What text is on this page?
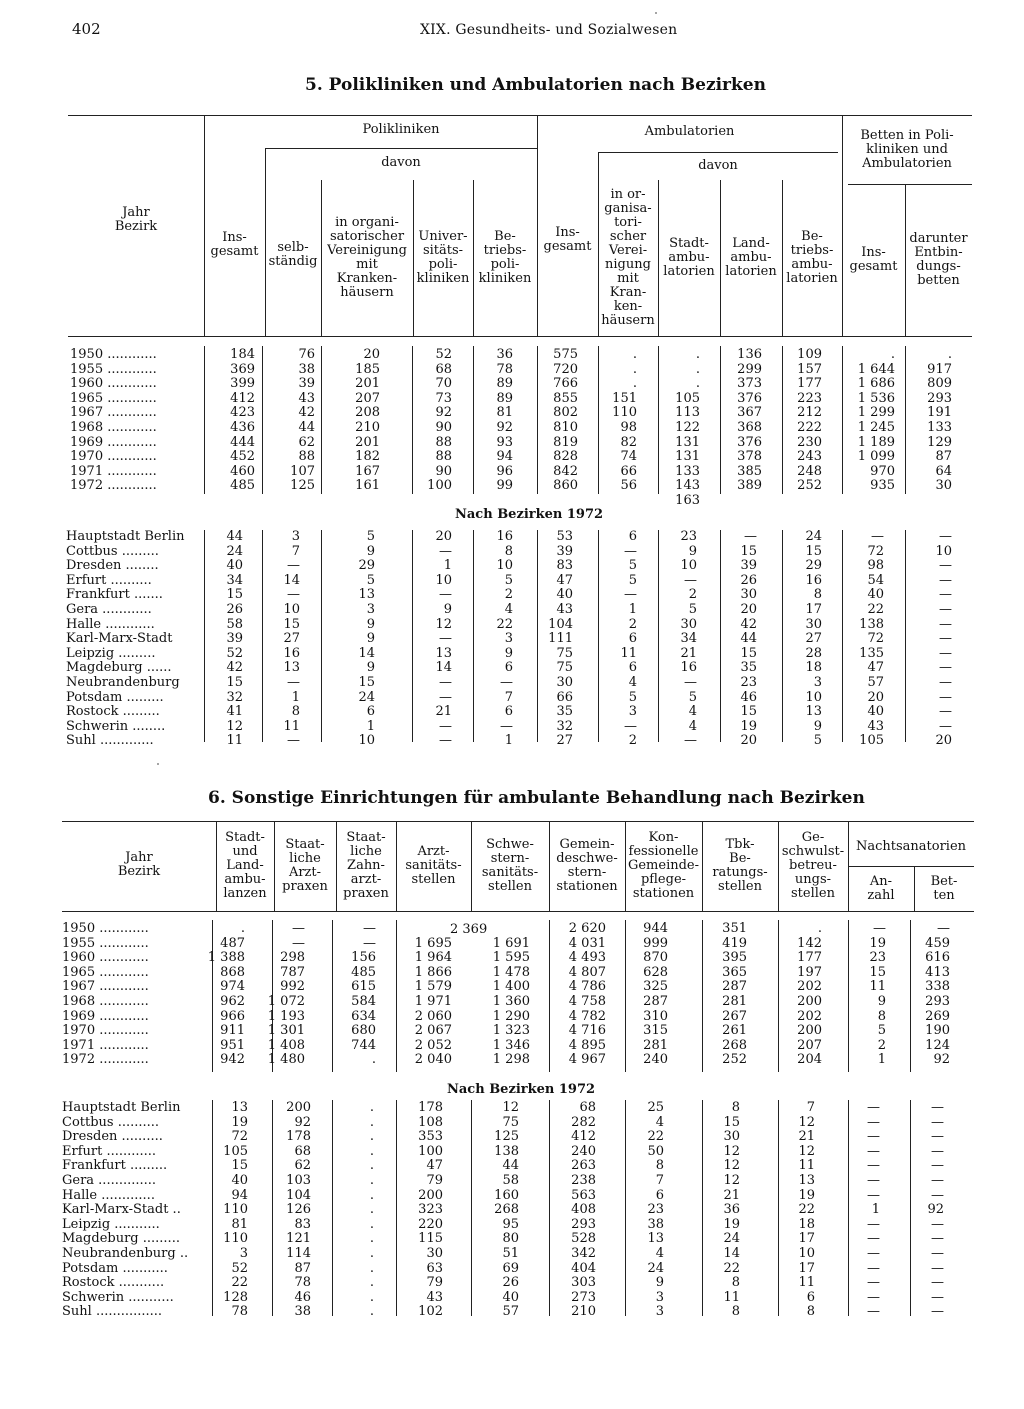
402	XIX. Gesundheits- und Sozialwesen
5. Polikliniken und Ambulatorien nach Bezirken
Jahr
Bezirk
Polikliniken
davon
Ambulatorien
davon
Betten in Poli-
kliniken und
Ambulatorien
Ins-
gesamt	selb-
ständig
in organi-
satorischer
Vereinigung
mit
Kranken-
häusern
Univer-
sitäts-
poli-
kliniken
Be-
triebs-
poli-
kliniken
Ins-
gesamt
in or-
ganisa-
tori-
scher
Verei-
nigung
mit
Kran-
ken-
häusern
Stadt-
ambu-
latorien
Land-
ambu-
latorien
Be-
triebs-
ambu-
latorien
Ins-
gesamt
darunter
Entbin-
dungs-
betten
1950 ............
1955 ............
1960 ............
1965 ............
1967 ............
1968 ............
1969 ............
1970 ............
1971 ............
1972 ............
Nach Bezirken 1972
Hauptstadt Berlin
Cottbus .........
Dresden ........
Erfurt ..........
Frankfurt .......
Gera ............
Halle ............
Karl-Marx-Stadt
Leipzig .........
Magdeburg ......
Neubrandenburg
Potsdam .........
Rostock .........
Schwerin ........
Suhl .............
6. Sonstige Einrichtungen für ambulante Behandlung nach Bezirken
Jahr
Bezirk
Stadt-
und
Land-
ambu-
lanzen
Staat-
liche
Arzt-
praxen
Staat-
liche
Zahn-
arzt-
praxen
Arzt-
sanitäts-
stellen
Schwe-
stern-
sanitäts-
stellen
Gemein-
deschwe-
stern-
stationen
Kon-
fessionelle
Gemeinde-
pflege-
stationen
Tbk-
Be-
ratungs-
stellen
Ge-
schwulst-
betreu-
ungs-
stellen
Nachtsanatorien
An-
zahl
Bet-
ten
1950 ............
1955 ............
1960 ............
1965 ............
1967 ............
1968 ............
1969 ............
1970 ............
1971 ............
1972 ............
2 369
Nach Bezirken 1972
Hauptstadt Berlin
Cottbus ..........
Dresden ..........
Erfurt ............
Frankfurt .........
Gera ..............
Halle .............
Karl-Marx-Stadt ..
Leipzig ...........
Magdeburg .........
Neubrandenburg ..
Potsdam ...........
Rostock ...........
Schwerin ...........
Suhl ................
184
369
399
412
423
436
444
452
460
485
76
38
39
43
42
44
62
88
107
125
20
185
201
207
208
210
201
182
167
161
52
68
70
73
92
90
88
88
90
100
36
78
89
89
81
92
93
94
96
99
575
720
766
855
802
810
819
828
842
860
.
.
.
151
110
98
82
74
66
56
.
.
.
105
113
122
131
131
133
143
163
136
299
373
376
367
368
376
378
385
389
109
157
177
223
212
222
230
243
248
252
.
1 644
1 686
1 536
1 299
1 245
1 189
1 099
970
935
.
917
809
293
191
133
129
87
64
30
44
24
40
34
15
26
58
39
52
42
15
32
41
12
11
3
7
—
14
—
10
15
27
16
13
—
1
8
11
—
5
9
29
5
13
3
9
9
14
9
15
24
6
1
10
20
—
1
10
—
9
12
—
13
14
—
—
21
—
—
16
8
10
5
2
4
22
3
9
6
—
7
6
—
1
53
39
83
47
40
43
104
111
75
75
30
66
35
32
27
6
—
5
5
—
1
2
6
11
6
4
5
3
—
2
23
9
10
—
2
5
30
34
21
16
—
5
4
4
—
—
15
39
26
30
20
42
44
15
35
23
46
15
19
20
24
15
29
16
8
17
30
27
28
18
3
10
13
9
5
—
72
98
54
40
22
138
72
135
47
57
20
40
43
105
—
10
—
—
—
—
—
—
—
—
—
—
—
—
20
.
487
1 388
868
974
962
966
911
951
942
—
—
298
787
992
1 072
1 193
1 301
1 408
1 480
—
—
156
485
615
584
634
680
744
.
1 695
1 964
1 866
1 579
1 971
2 060
2 067
2 052
2 040
1 691
1 595
1 478
1 400
1 360
1 290
1 323
1 346
1 298
2 620
4 031
4 493
4 807
4 786
4 758
4 782
4 716
4 895
4 967
944
999
870
628
325
287
310
315
281
240
351
419
395
365
287
281
267
261
268
252
.
142
177
197
202
200
202
200
207
204
—
19
23
15
11
9
8
5
2
1
—
459
616
413
338
293
269
190
124
92
13
19
72
105
15
40
94
110
81
110
3
52
22
128
78
200
92
178
68
62
103
104
126
83
121
114
87
78
46
38
.
.
.
.
.
.
.
.
.
.
.
.
.
.
.
178
108
353
100
47
79
200
323
220
115
30
63
79
43
102
12
75
125
138
44
58
160
268
95
80
51
69
26
40
57
68
282
412
240
263
238
563
408
293
528
342
404
303
273
210
25
4
22
50
8
7
6
23
38
13
4
24
9
3
3
8
15
30
12
12
12
21
36
19
24
14
22
8
11
8
7
12
21
12
11
13
19
22
18
17
10
17
11
6
8
—
—
—
—
—
—
—
1
—
—
—
—
—
—
—
—
—
—
—
—
—
—
92
—
—
—
—
—
—
—
